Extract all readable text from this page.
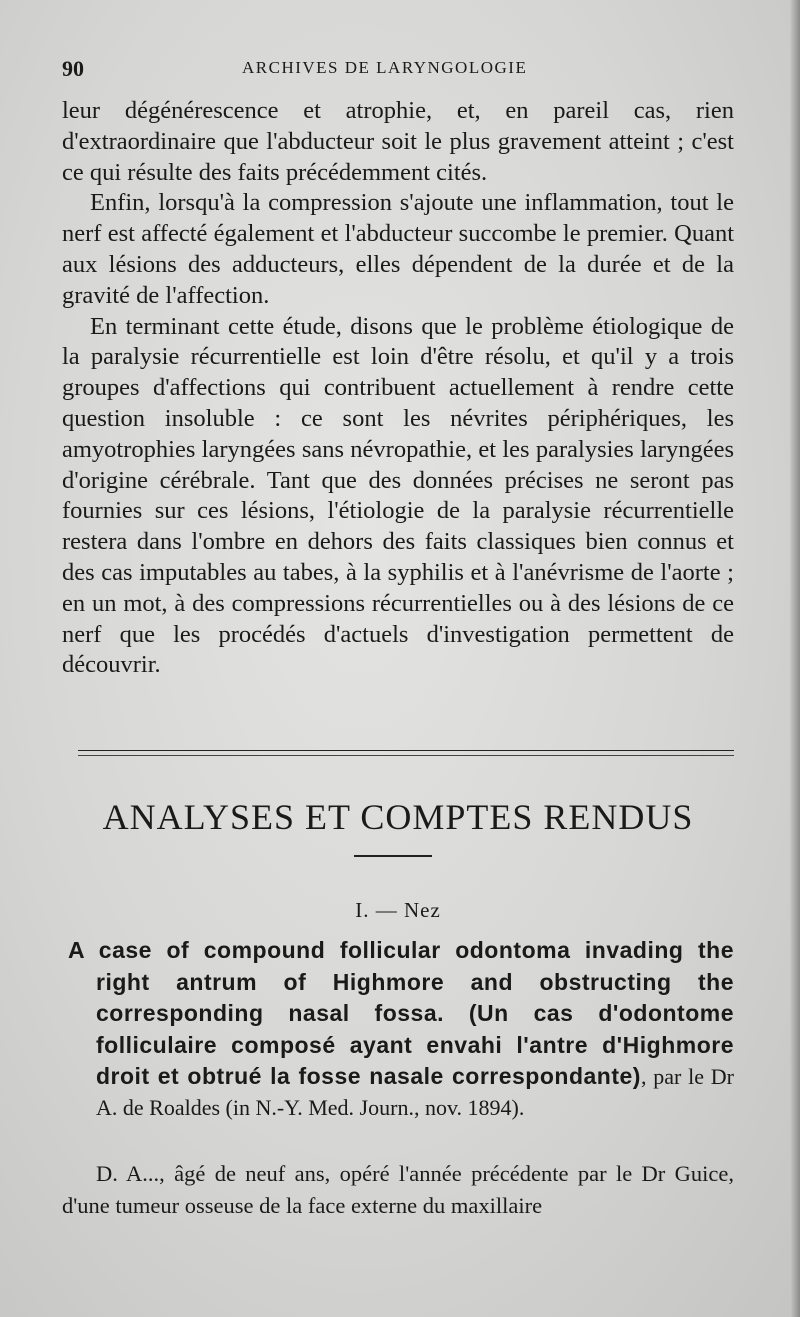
90	ARCHIVES DE LARYNGOLOGIE

leur dégénérescence et atrophie, et, en pareil cas, rien d'extraordinaire que l'abducteur soit le plus gravement atteint ; c'est ce qui résulte des faits précédemment cités.

Enfin, lorsqu'à la compression s'ajoute une inflammation, tout le nerf est affecté également et l'abducteur succombe le premier. Quant aux lésions des adducteurs, elles dépendent de la durée et de la gravité de l'affection.

En terminant cette étude, disons que le problème étiologique de la paralysie récurrentielle est loin d'être résolu, et qu'il y a trois groupes d'affections qui contribuent actuellement à rendre cette question insoluble : ce sont les névrites périphériques, les amyotrophies laryngées sans névropathie, et les paralysies laryngées d'origine cérébrale. Tant que des données précises ne seront pas fournies sur ces lésions, l'étiologie de la paralysie récurrentielle restera dans l'ombre en dehors des faits classiques bien connus et des cas imputables au tabes, à la syphilis et à l'anévrisme de l'aorte ; en un mot, à des compressions récurrentielles ou à des lésions de ce nerf que les procédés d'actuels d'investigation permettent de découvrir.

ANALYSES ET COMPTES RENDUS
I. — Nez
A case of compound follicular odontoma invading the right antrum of Highmore and obstructing the corresponding nasal fossa. (Un cas d'odontome folliculaire composé ayant envahi l'antre d'Highmore droit et obtrué la fosse nasale correspondante), par le Dr A. de Roaldes (in N.-Y. Med. Journ., nov. 1894).
D. A..., âgé de neuf ans, opéré l'année précédente par le Dr Guice, d'une tumeur osseuse de la face externe du maxillaire
